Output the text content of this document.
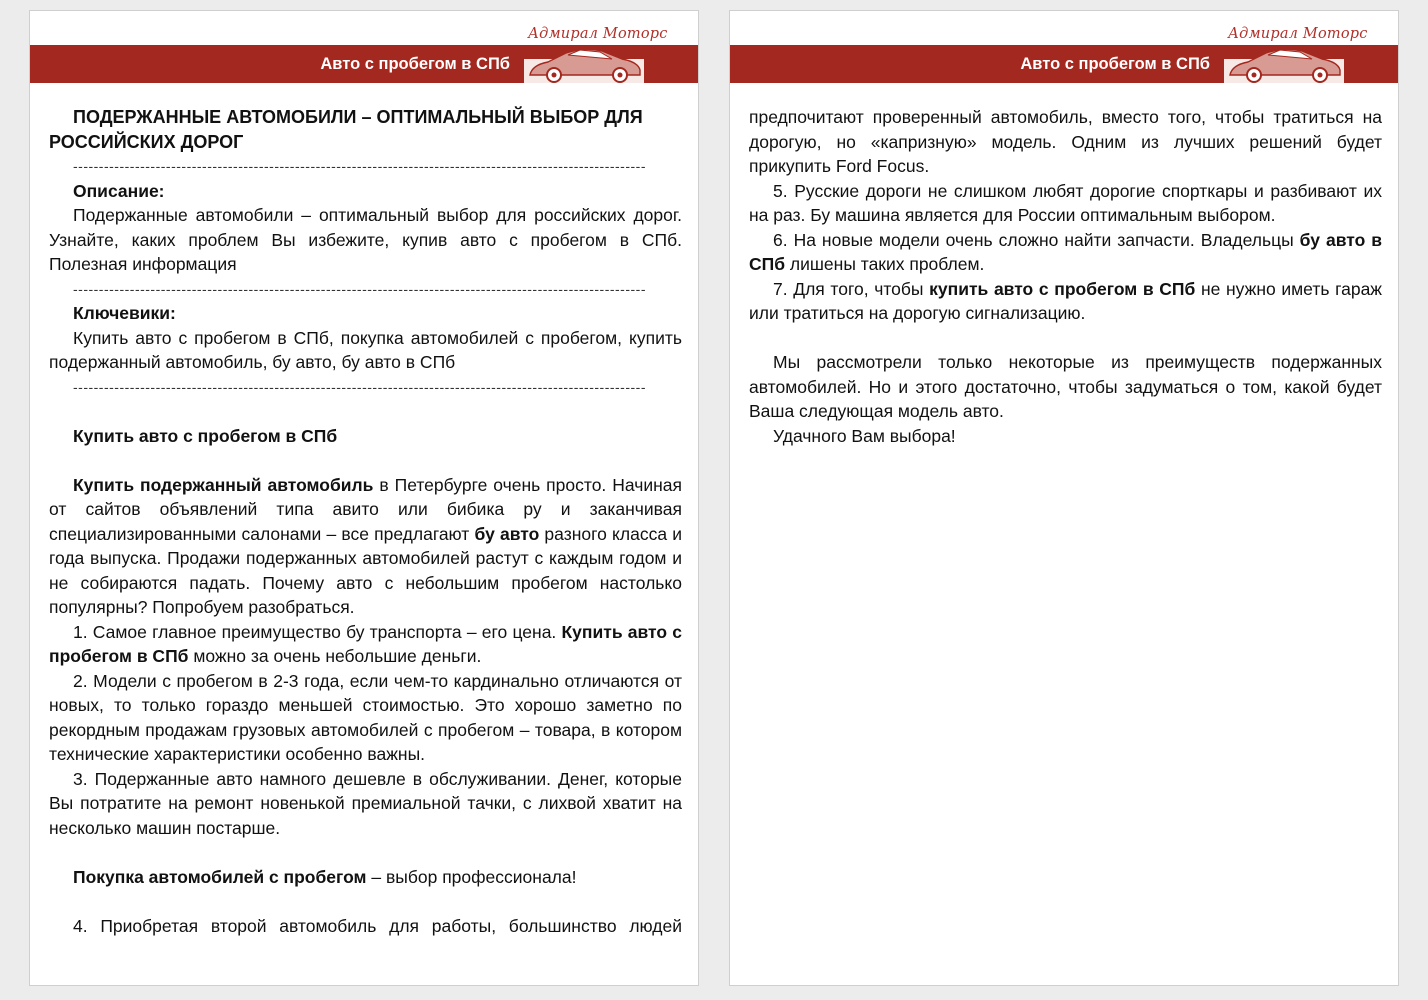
Авто с пробегом в СПб
Адмирал Моторс

ПОДЕРЖАННЫЕ АВТОМОБИЛИ – ОПТИМАЛЬНЫЙ ВЫБОР ДЛЯ РОССИЙСКИХ ДОРОГ

---------------------------------------------------------------------------------------------------------------

Описание:

Подержанные автомобили – оптимальный выбор для российских дорог. Узнайте, каких проблем Вы избежите, купив авто с пробегом в СПб. Полезная информация

---------------------------------------------------------------------------------------------------------------

Ключевики:

Купить авто с пробегом в СПб, покупка автомобилей с пробегом, купить подержанный автомобиль, бу авто, бу авто в СПб

---------------------------------------------------------------------------------------------------------------

Купить авто с пробегом в СПб

Купить подержанный автомобиль в Петербурге очень просто. Начиная от сайтов объявлений типа авито или бибика ру и заканчивая специализированными салонами – все предлагают бу авто разного класса и года выпуска. Продажи подержанных автомобилей растут с каждым годом и не собираются падать. Почему авто с небольшим пробегом настолько популярны? Попробуем разобраться.

1. Самое главное преимущество бу транспорта – его цена. Купить авто с пробегом в СПб можно за очень небольшие деньги.

2. Модели с пробегом в 2-3 года, если чем-то кардинально отличаются от новых, то только гораздо меньшей стоимостью. Это хорошо заметно по рекордным продажам грузовых автомобилей с пробегом – товара, в котором технические характеристики особенно важны.

3. Подержанные авто намного дешевле в обслуживании. Денег, которые Вы потратите на ремонт новенькой премиальной тачки, с лихвой хватит на несколько машин постарше.

Покупка автомобилей с пробегом – выбор профессионала!

4. Приобретая второй автомобиль для работы, большинство людей

Авто с пробегом в СПб
Адмирал Моторс

предпочитают проверенный автомобиль, вместо того, чтобы тратиться на дорогую, но «капризную» модель. Одним из лучших решений будет прикупить Ford Focus.

5. Русские дороги не слишком любят дорогие спорткары и разбивают их на раз. Бу машина является для России оптимальным выбором.

6. На новые модели очень сложно найти запчасти. Владельцы бу авто в СПб лишены таких проблем.

7. Для того, чтобы купить авто с пробегом в СПб не нужно иметь гараж или тратиться на дорогую сигнализацию.

Мы рассмотрели только некоторые из преимуществ подержанных автомобилей. Но и этого достаточно, чтобы задуматься о том, какой будет Ваша следующая модель авто.

Удачного Вам выбора!
